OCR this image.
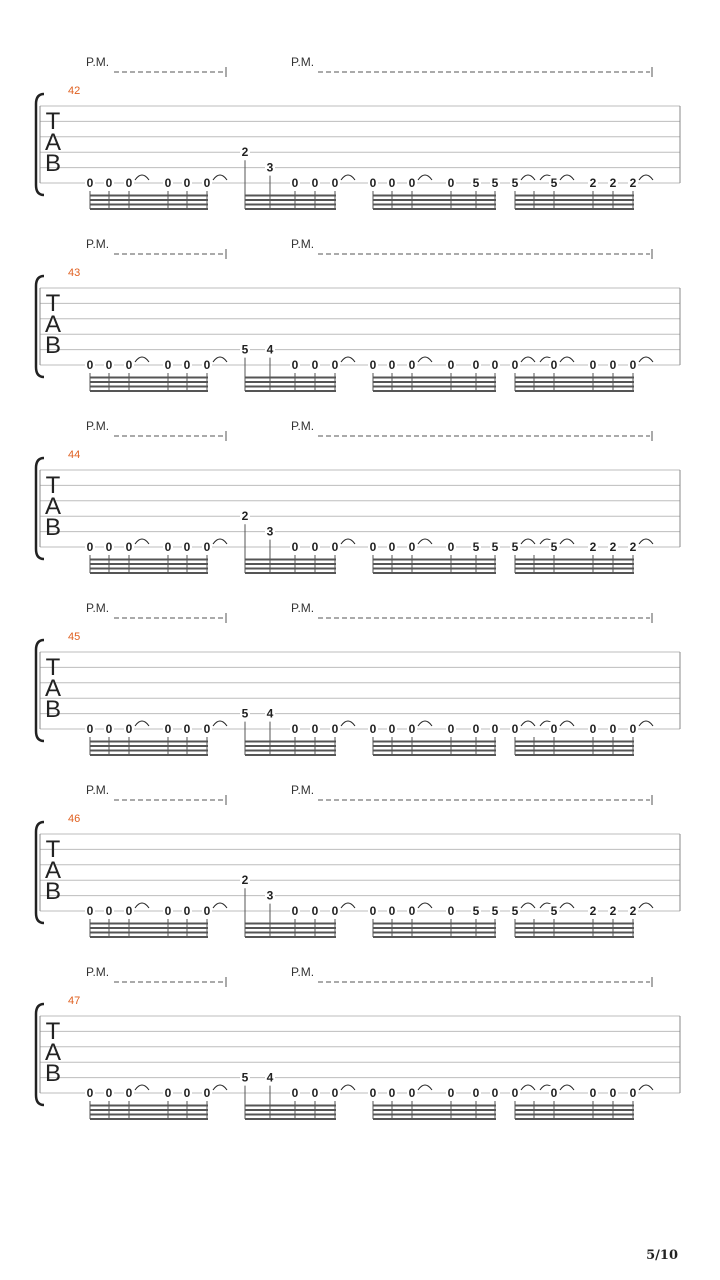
P.M.	P.M.
42
T
A
B
0 0 0	0 0 0
2
3
0 0 0	0 0 0	0 5 5 5	5	2 2 2
P.M.	P.M.
43
T
A
B
0 0 0	0 0 0
5 4
0 0 0	0 0 0	0 0 0 0	0	0 0 0
P.M.	P.M.
44
T
A
B
0 0 0	0 0 0
2
3
0 0 0	0 0 0	0 5 5 5	5	2 2 2
P.M.	P.M.
45
T
A
B
0 0 0	0 0 0
5 4
0 0 0	0 0 0	0 0 0 0	0	0 0 0
P.M.	P.M.
46
T
A
B
0 0 0	0 0 0
2
3
0 0 0	0 0 0	0 5 5 5	5	2 2 2
P.M.	P.M.
47
T
A
B
0 0 0	0 0 0
5 4
0 0 0	0 0 0	0 0 0 0	0	0 0 0
5/10
